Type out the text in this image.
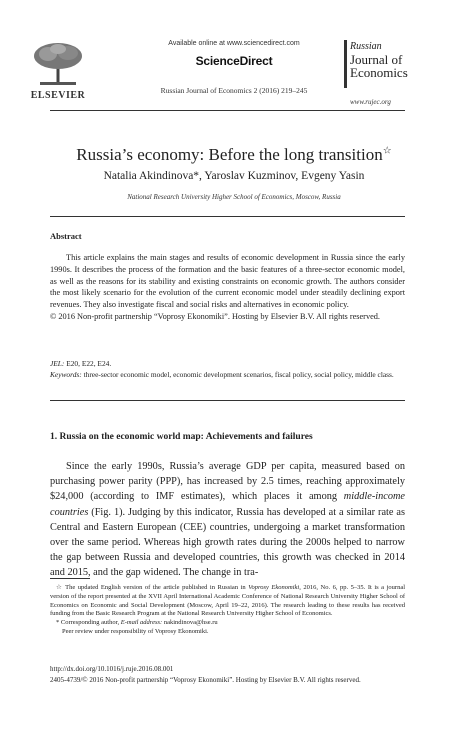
ELSEVIER
Available online at www.sciencedirect.com
ScienceDirect
Russian Journal of Economics 2 (2016) 219–245
Russian
Journal of
Economics
www.rujec.org
Russia’s economy: Before the long transition☆
Natalia Akindinova*, Yaroslav Kuzminov, Evgeny Yasin
National Research University Higher School of Economics, Moscow, Russia
Abstract
This article explains the main stages and results of economic development in Russia since the early 1990s. It describes the process of the formation and the basic features of a three-sector economic model, as well as the reasons for its stability and existing constraints on economic growth. The authors consider the most likely scenario for the evolution of the current economic model under steadily declining export revenues. They also investigate fiscal and social risks and alternatives in economic policy.
© 2016 Non-profit partnership “Voprosy Ekonomiki”. Hosting by Elsevier B.V. All rights reserved.
JEL: E20, E22, E24.
Keywords: three-sector economic model, economic development scenarios, fiscal policy, social policy, middle class.
1. Russia on the economic world map: Achievements and failures
Since the early 1990s, Russia’s average GDP per capita, measured based on purchasing power parity (PPP), has increased by 2.5 times, reaching approximately $24,000 (according to IMF estimates), which places it among middle-income countries (Fig. 1). Judging by this indicator, Russia has developed at a similar rate as Central and Eastern European (CEE) countries, undergoing a market transformation over the same period. Whereas high growth rates during the 2000s helped to narrow the gap between Russia and developed countries, this growth was checked in 2014 and 2015, and the gap widened. The change in tra-
☆ The updated English version of the article published in Russian in Voprosy Ekonomiki, 2016, No. 6, pp. 5–35. It is a journal version of the report presented at the XVII April International Academic Conference of National Research University Higher School of Economics on Economic and Social Development (Moscow, April 19–22, 2016). The research leading to these results has received funding from the Basic Research Program at the National Research University Higher School of Economics.
* Corresponding author, E-mail address: nakindinova@hse.ru
Peer review under responsibility of Voprosy Ekonomiki.
http://dx.doi.org/10.1016/j.ruje.2016.08.001
2405-4739/© 2016 Non-profit partnership “Voprosy Ekonomiki”. Hosting by Elsevier B.V. All rights reserved.
